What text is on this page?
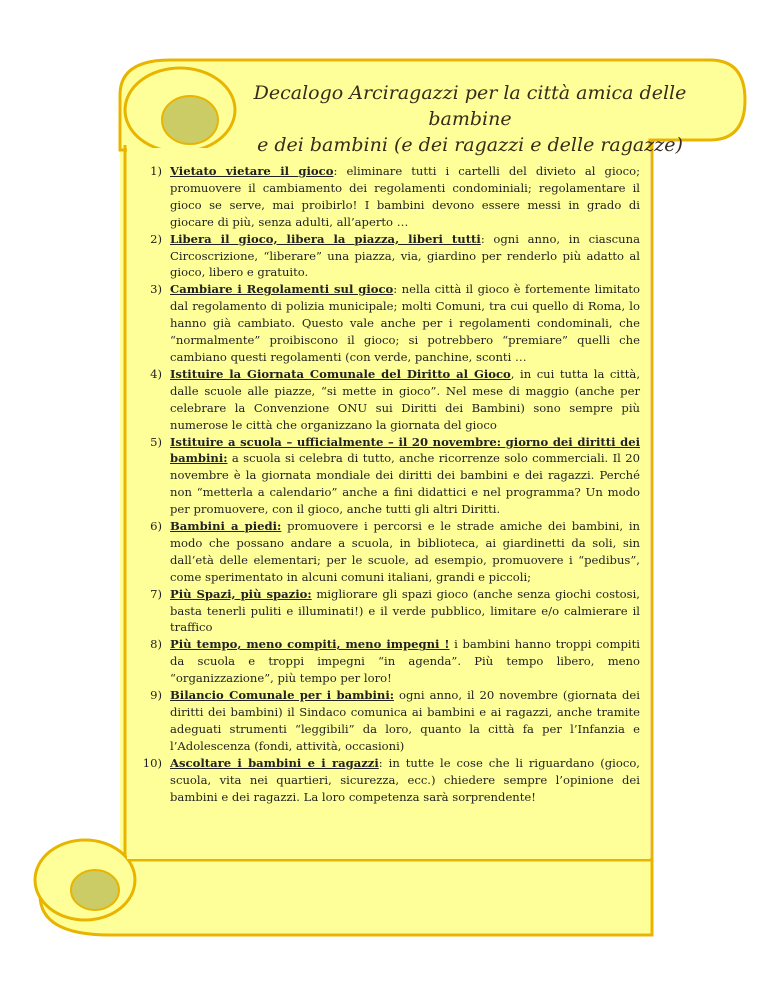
Decalogo Arciragazzi per la città amica delle bambine
e dei bambini (e dei ragazzi e delle ragazze)
1) Vietato vietare il gioco: eliminare tutti i cartelli del divieto al gioco; promuovere il cambiamento dei regolamenti condominiali; regolamentare il gioco se serve, mai proibirlo! I bambini devono essere messi in grado di giocare di più, senza adulti, all’aperto …
2) Libera il gioco, libera la piazza, liberi tutti: ogni anno, in ciascuna Circoscrizione, “liberare” una piazza, via, giardino per renderlo più adatto al gioco, libero e gratuito.
3) Cambiare i Regolamenti sul gioco: nella città il gioco è fortemente limitato dal regolamento di polizia municipale; molti Comuni, tra cui quello di Roma, lo hanno già cambiato. Questo vale anche per i regolamenti condominali, che “normalmente” proibiscono il gioco; si potrebbero “premiare” quelli che cambiano questi regolamenti (con verde, panchine, sconti …
4) Istituire la Giornata Comunale del Diritto al Gioco, in cui tutta la città, dalle scuole alle piazze, “si mette in gioco”. Nel mese di maggio (anche per celebrare la Convenzione ONU sui Diritti dei Bambini) sono sempre più numerose le città che organizzano la giornata del gioco
5) Istituire a scuola – ufficialmente – il 20 novembre: giorno dei diritti dei bambini: a scuola si celebra di tutto, anche ricorrenze solo commerciali. Il 20 novembre è la giornata mondiale dei diritti dei bambini e dei ragazzi. Perché non “metterla a calendario” anche a fini didattici e nel programma? Un modo per promuovere, con il gioco, anche tutti gli altri Diritti.
6) Bambini a piedi: promuovere i percorsi e le strade amiche dei bambini, in modo che possano andare a scuola, in biblioteca, ai giardinetti da soli, sin dall’età delle elementari; per le scuole, ad esempio, promuovere i “pedibus”, come sperimentato in alcuni comuni italiani, grandi e piccoli;
7) Più Spazi, più spazio: migliorare gli spazi gioco (anche senza giochi costosi, basta tenerli puliti e illuminati!) e il verde pubblico, limitare e/o calmierare il traffico
8) Più tempo, meno compiti, meno impegni ! i bambini hanno troppi compiti da scuola e troppi impegni “in agenda”. Più tempo libero, meno “organizzazione”, più tempo per loro!
9) Bilancio Comunale per i bambini: ogni anno, il 20 novembre (giornata dei diritti dei bambini) il Sindaco comunica ai bambini e ai ragazzi, anche tramite adeguati strumenti “leggibili” da loro, quanto la città fa per l’Infanzia e l’Adolescenza (fondi, attività, occasioni)
10) Ascoltare i bambini e i ragazzi: in tutte le cose che li riguardano (gioco, scuola, vita nei quartieri, sicurezza, ecc.) chiedere sempre l’opinione dei bambini e dei ragazzi. La loro competenza sarà sorprendente!
